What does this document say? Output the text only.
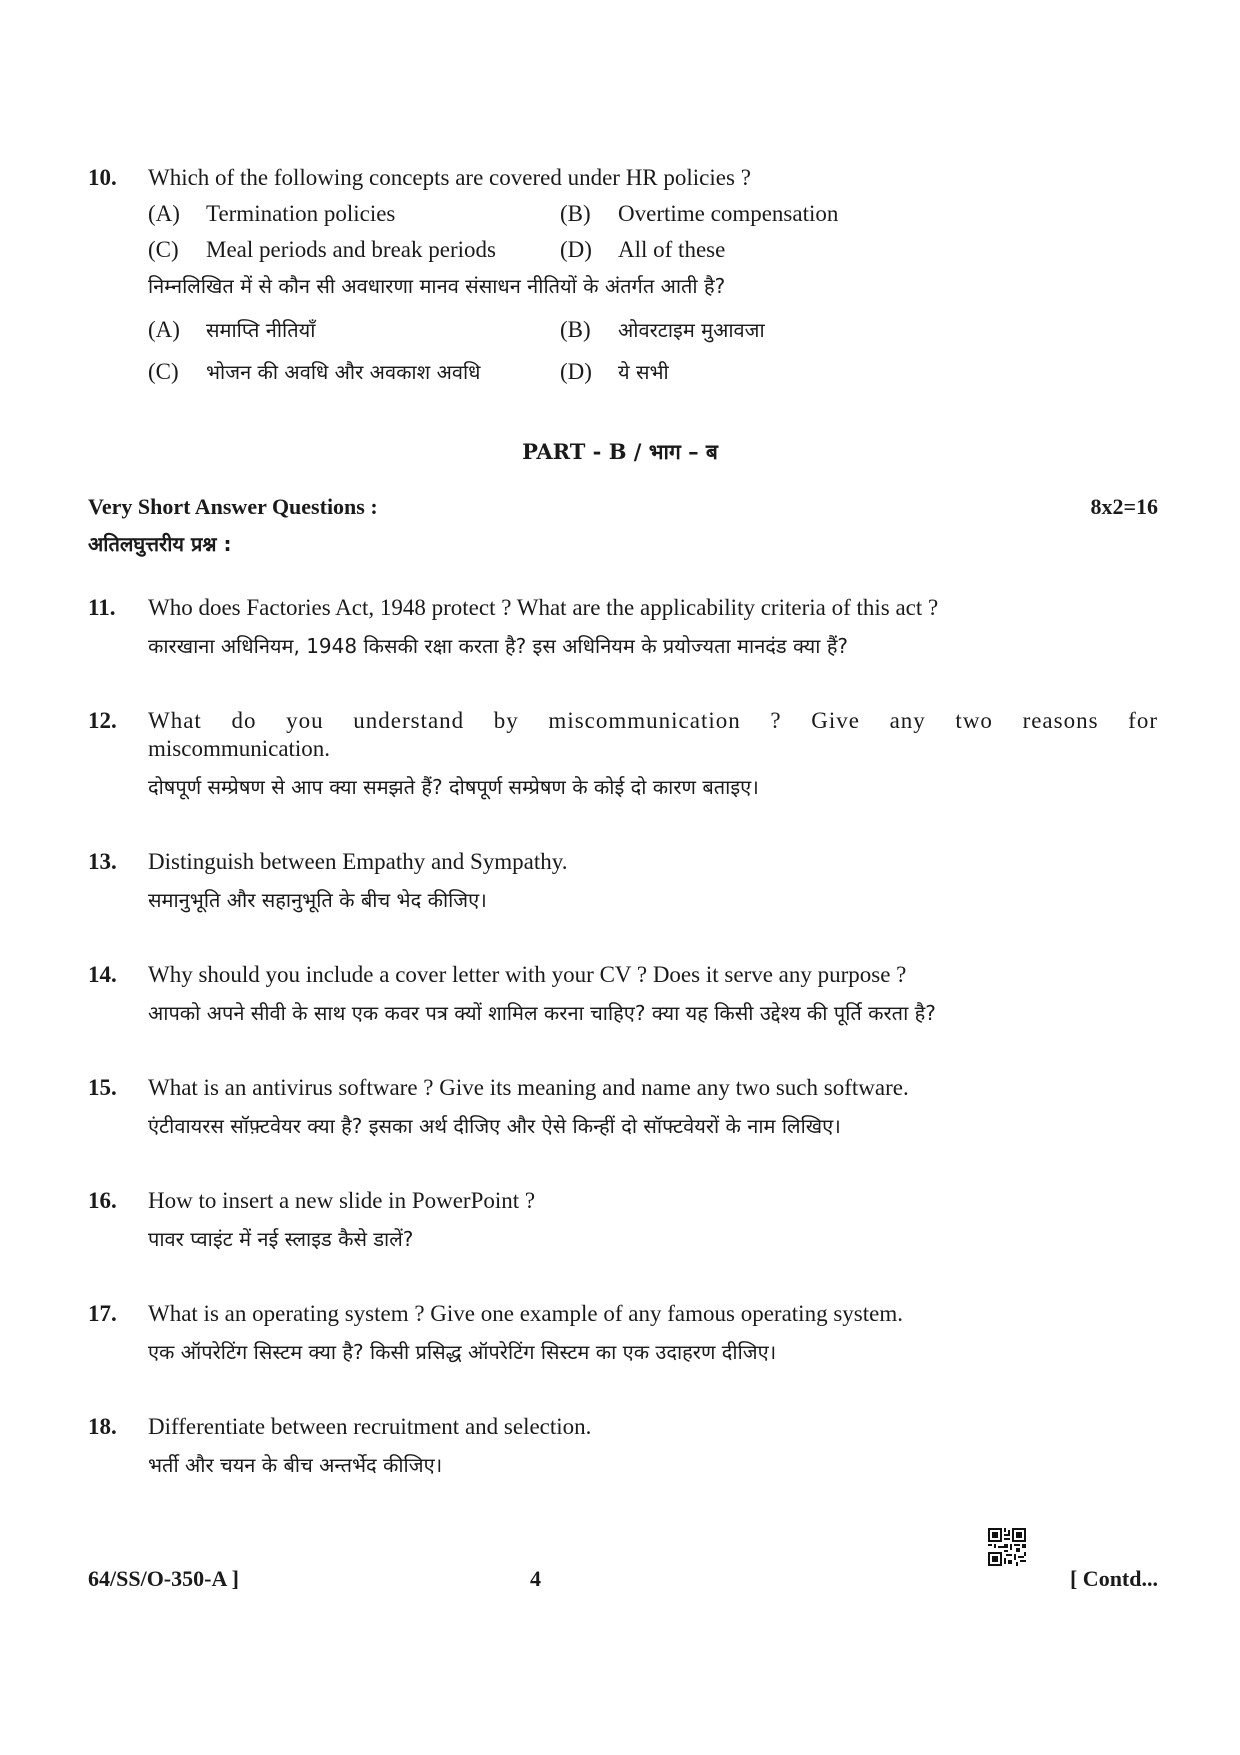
10. Which of the following concepts are covered under HR policies ?
(A) Termination policies	(B) Overtime compensation
(C) Meal periods and break periods	(D) All of these
निम्नलिखित में से कौन सी अवधारणा मानव संसाधन नीतियों के अंतर्गत आती है?
(A) समाप्ति नीतियाँ	(B) ओवरटाइम मुआवजा
(C) भोजन की अवधि और अवकाश अवधि	(D) ये सभी
PART - B / भाग – ब
Very Short Answer Questions :	8x2=16
अतिलघुत्तरीय प्रश्न :
11. Who does Factories Act, 1948 protect ? What are the applicability criteria of this act ?
कारखाना अधिनियम, 1948 किसकी रक्षा करता है? इस अधिनियम के प्रयोज्यता मानदंड क्या हैं?
12. What do you understand by miscommunication ? Give any two reasons for
miscommunication.
दोषपूर्ण सम्प्रेषण से आप क्या समझते हैं? दोषपूर्ण सम्प्रेषण के कोई दो कारण बताइए।
13. Distinguish between Empathy and Sympathy.
समानुभूति और सहानुभूति के बीच भेद कीजिए।
14. Why should you include a cover letter with your CV ? Does it serve any purpose ?
आपको अपने सीवी के साथ एक कवर पत्र क्यों शामिल करना चाहिए? क्या यह किसी उद्देश्य की पूर्ति करता है?
15. What is an antivirus software ? Give its meaning and name any two such software.
एंटीवायरस सॉफ़्टवेयर क्या है? इसका अर्थ दीजिए और ऐसे किन्हीं दो सॉफ्टवेयरों के नाम लिखिए।
16. How to insert a new slide in PowerPoint ?
पावर प्वाइंट में नई स्लाइड कैसे डालें?
17. What is an operating system ? Give one example of any famous operating system.
एक ऑपरेटिंग सिस्टम क्या है? किसी प्रसिद्ध ऑपरेटिंग सिस्टम का एक उदाहरण दीजिए।
18. Differentiate between recruitment and selection.
भर्ती और चयन के बीच अन्तर्भेद कीजिए।
64/SS/O-350-A ]	4	[ Contd...
